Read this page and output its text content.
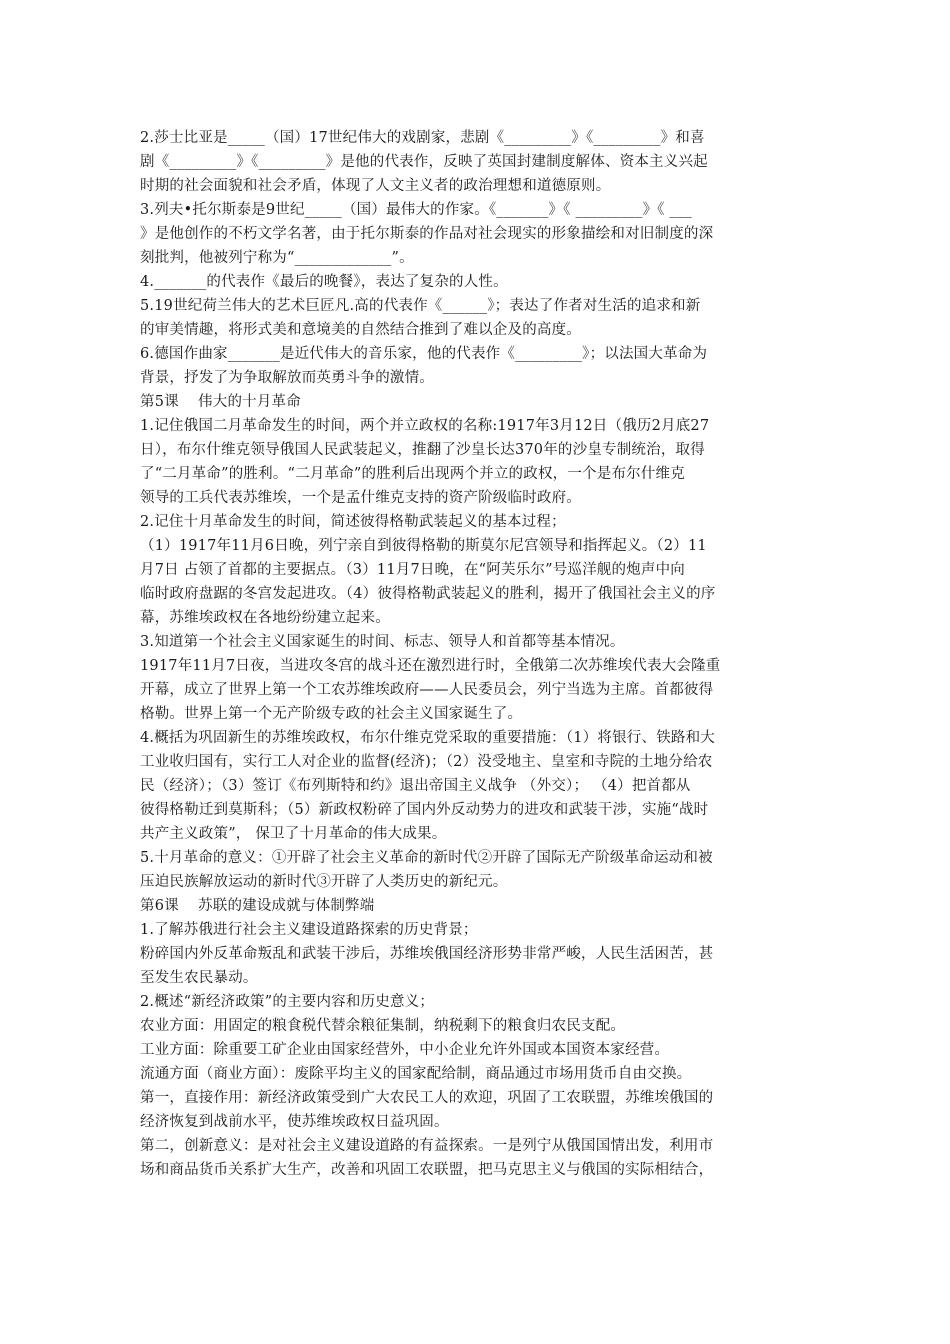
2.莎士比亚是_____（国）17世纪伟大的戏剧家，悲剧《_________》《_________》和喜
剧《_________》《_________》是他的代表作，反映了英国封建制度解体、资本主义兴起
时期的社会面貌和社会矛盾，体现了人文主义者的政治理想和道德原则。
3.列夫•托尔斯泰是9世纪_____（国）最伟大的作家。《_______》《 _________》《 ___
》是他创作的不朽文学名著，由于托尔斯泰的作品对社会现实的形象描绘和对旧制度的深
刻批判，他被列宁称为“_____________”。
4._______的代表作《最后的晚餐》，表达了复杂的人性。
5.19世纪荷兰伟大的艺术巨匠凡.高的代表作《______》；表达了作者对生活的追求和新
的审美情趣，将形式美和意境美的自然结合推到了难以企及的高度。
6.德国作曲家_______是近代伟大的音乐家，他的代表作《_________》；以法国大革命为
背景，抒发了为争取解放而英勇斗争的激情。
第5课    伟大的十月革命
1.记住俄国二月革命发生的时间，两个并立政权的名称:1917年3月12日（俄历2月底27
日），布尔什维克领导俄国人民武装起义，推翻了沙皇长达370年的沙皇专制统治，取得
了“二月革命”的胜利。“二月革命”的胜利后出现两个并立的政权，一个是布尔什维克
领导的工兵代表苏维埃，一个是孟什维克支持的资产阶级临时政府。
2.记住十月革命发生的时间，简述彼得格勒武装起义的基本过程；
（1）1917年11月6日晚，列宁亲自到彼得格勒的斯莫尔尼宫领导和指挥起义。（2）11
月7日 占领了首都的主要据点。（3）11月7日晚，在“阿芙乐尔”号巡洋舰的炮声中向
临时政府盘踞的冬宫发起进攻。（4）彼得格勒武装起义的胜利，揭开了俄国社会主义的序
幕，苏维埃政权在各地纷纷建立起来。
3.知道第一个社会主义国家诞生的时间、标志、领导人和首都等基本情况。
1917年11月7日夜，当进攻冬宫的战斗还在激烈进行时，全俄第二次苏维埃代表大会隆重
开幕，成立了世界上第一个工农苏维埃政府——人民委员会，列宁当选为主席。首都彼得
格勒。世界上第一个无产阶级专政的社会主义国家诞生了。
4.概括为巩固新生的苏维埃政权，布尔什维克党采取的重要措施：（1）将银行、铁路和大
工业收归国有，实行工人对企业的监督(经济)；（2）没受地主、皇室和寺院的土地分给农
民（经济）；（3）签订《布列斯特和约》退出帝国主义战争 （外交）； （4）把首都从
彼得格勒迁到莫斯科；（5）新政权粉碎了国内外反动势力的进攻和武装干涉，实施“战时
共产主义政策”， 保卫了十月革命的伟大成果。
5.十月革命的意义：①开辟了社会主义革命的新时代②开辟了国际无产阶级革命运动和被
压迫民族解放运动的新时代③开辟了人类历史的新纪元。
第6课    苏联的建设成就与体制弊端
1.了解苏俄进行社会主义建设道路探索的历史背景；
粉碎国内外反革命叛乱和武装干涉后，苏维埃俄国经济形势非常严峻，人民生活困苦，甚
至发生农民暴动。
2.概述“新经济政策”的主要内容和历史意义；
农业方面：用固定的粮食税代替余粮征集制，纳税剩下的粮食归农民支配。
工业方面：除重要工矿企业由国家经营外，中小企业允许外国或本国资本家经营。
流通方面（商业方面）：废除平均主义的国家配给制，商品通过市场用货币自由交换。
第一，直接作用：新经济政策受到广大农民工人的欢迎，巩固了工农联盟，苏维埃俄国的
经济恢复到战前水平，使苏维埃政权日益巩固。
第二，创新意义：是对社会主义建设道路的有益探索。一是列宁从俄国国情出发，利用市
场和商品货币关系扩大生产，改善和巩固工农联盟，把马克思主义与俄国的实际相结合，
